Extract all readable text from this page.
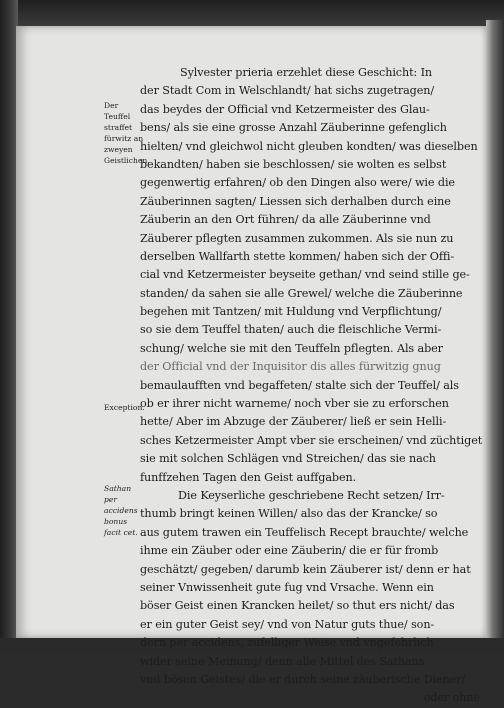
Der Teuffel straffet fürwitz an zweyen Geistlichen.
Exception.
Sathan per accidens bonus facit cet.
Sylvester prieria erzehlet diese Geschicht: In
der Stadt Com in Welschlandt/ hat sichs zugetragen/
das beydes der Official vnd Ketzermeister des Glau-
bens/ als sie eine grosse Anzahl Zäuberinne gefenglich
hielten/ vnd gleichwol nicht gleuben kondten/ was dieselben
bekandten/ haben sie beschlossen/ sie wolten es selbst
gegenwertig erfahren/ ob den Dingen also were/ wie die
Zäuberinnen sagten/ Liessen sich derhalben durch eine
Zäuberin an den Ort führen/ da alle Zäuberinne vnd
Zäuberer pflegten zusammen zukommen. Als sie nun zu
derselben Wallfarth stette kommen/ haben sich der Offi-
cial vnd Ketzermeister beyseite gethan/ vnd seind stille ge-
standen/ da sahen sie alle Grewel/ welche die Zäuberinne
begehen mit Tantzen/ mit Huldung vnd Verpflichtung/
so sie dem Teuffel thaten/ auch die fleischliche Vermi-
schung/ welche sie mit den Teuffeln pflegten. Als aber
der Official vnd der Inquisitor dis alles fürwitzig gnug
bemaulaufften vnd begaffeten/ stalte sich der Teuffel/ als
ob er ihrer nicht warneme/ noch vber sie zu erforschen
hette/ Aber im Abzuge der Zäuberer/ ließ er sein Helli-
sches Ketzermeister Ampt vber sie erscheinen/ vnd züchtiget
sie mit solchen Schlägen vnd Streichen/ das sie nach
funffzehen Tagen den Geist auffgaben.
Die Keyserliche geschriebene Recht setzen/ Irr-
thumb bringt keinen Willen/ also das der Krancke/ so
aus gutem trawen ein Teuffelisch Recept brauchte/ welche
ihme ein Zäuber oder eine Zäuberin/ die er für fromb
geschätzt/ gegeben/ darumb kein Zäuberer ist/ denn er hat
seiner Vnwissenheit gute fug vnd Vrsache. Wenn ein
böser Geist einen Krancken heilet/ so thut ers nicht/ das
er ein guter Geist sey/ vnd von Natur guts thue/ son-
dern per accidens, zufelliger Weise vnd vngefehrlich
wider seine Meinung/ denn alle Mittel des Sathans
vnd bösen Geistes/ die er durch seine zäuberische Diener/
oder ohne
